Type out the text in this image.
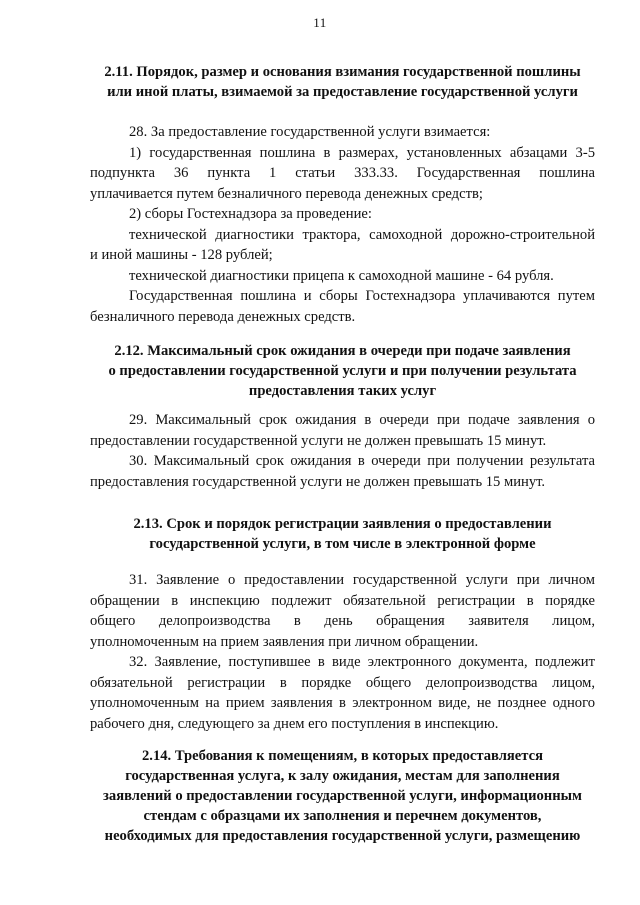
11
2.11. Порядок, размер и основания взимания государственной пошлины
или иной платы, взимаемой за предоставление государственной услуги
28. За предоставление государственной услуги взимается:
1) государственная пошлина в размерах, установленных абзацами 3-5
подпункта 36 пункта 1 статьи 333.33. Государственная пошлина
уплачивается путем безналичного перевода денежных средств;
2) сборы Гостехнадзора за проведение:
технической диагностики трактора, самоходной дорожно-строительной
и иной машины - 128 рублей;
технической диагностики прицепа к самоходной машине - 64 рубля.
Государственная пошлина и сборы Гостехнадзора уплачиваются путем
безналичного перевода денежных средств.
2.12. Максимальный срок ожидания в очереди при подаче заявления
о предоставлении государственной услуги и при получении результата
предоставления таких услуг
29. Максимальный срок ожидания в очереди при подаче заявления о
предоставлении государственной услуги не должен превышать 15 минут.
30. Максимальный срок ожидания в очереди при получении результата
предоставления государственной услуги не должен превышать 15 минут.
2.13. Срок и порядок регистрации заявления о предоставлении
государственной услуги, в том числе в электронной форме
31. Заявление о предоставлении государственной услуги при личном
обращении в инспекцию подлежит обязательной регистрации в порядке
общего делопроизводства в день обращения заявителя лицом,
уполномоченным на прием заявления при личном обращении.
32. Заявление, поступившее в виде электронного документа, подлежит
обязательной регистрации в порядке общего делопроизводства лицом,
уполномоченным на прием заявления в электронном виде, не позднее одного
рабочего дня, следующего за днем его поступления в инспекцию.
2.14. Требования к помещениям, в которых предоставляется
государственная услуга, к залу ожидания, местам для заполнения
заявлений о предоставлении государственной услуги, информационным
стендам с образцами их заполнения и перечнем документов,
необходимых для предоставления государственной услуги, размещению
